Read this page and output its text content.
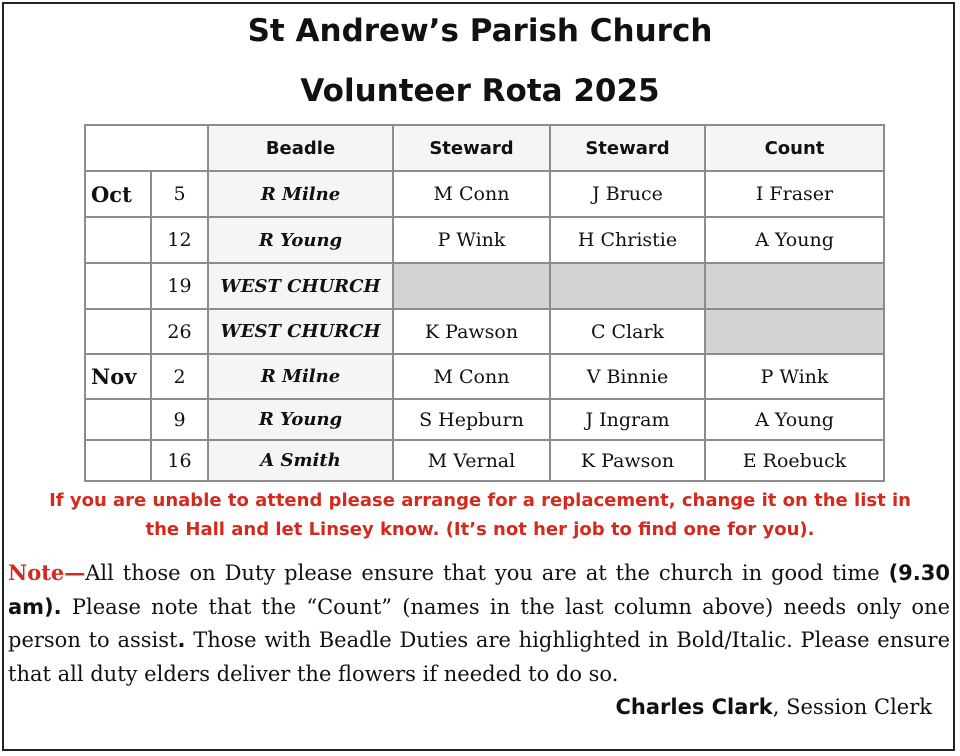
St Andrew’s Parish Church
Volunteer Rota 2025
		Beadle	Steward	Steward	Count
Oct	5	R Milne	M Conn	J Bruce	I Fraser
	12	R Young	P Wink	H Christie	A Young
	19	WEST CHURCH			
	26	WEST CHURCH	K Pawson	C Clark	
Nov	2	R Milne	M Conn	V Binnie	P Wink
	9	R Young	S Hepburn	J Ingram	A Young
	16	A Smith	M Vernal	K Pawson	E Roebuck

If you are unable to attend please arrange for a replacement, change it on the list in
the Hall and let Linsey know. (It’s not her job to find one for you).

Note—All those on Duty please ensure that you are at the church in good time (9.30 am). Please note that the “Count” (names in the last column above) needs only one person to assist. Those with Beadle Duties are highlighted in Bold/Italic. Please ensure that all duty elders deliver the flowers if needed to do so.
Charles Clark, Session Clerk
